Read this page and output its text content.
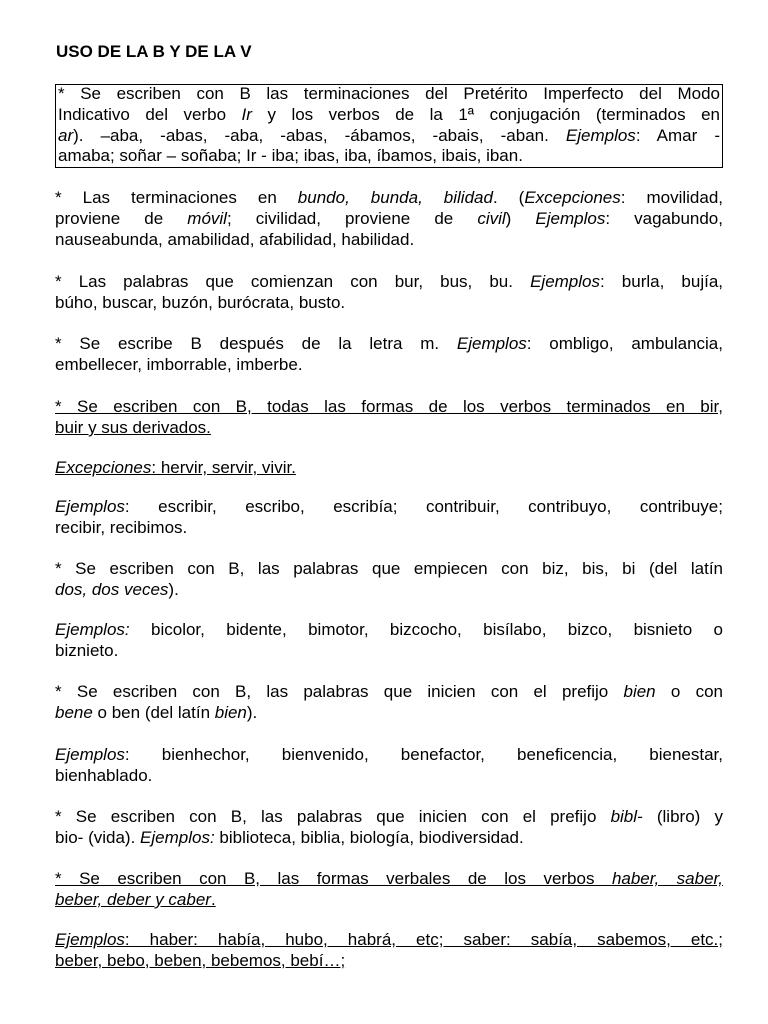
USO DE LA B Y DE LA V

* Se escriben con B las terminaciones del Pretérito Imperfecto del Modo
Indicativo del verbo Ir y los verbos de la 1ª conjugación (terminados en
ar). –aba, -abas, -aba, -abas, -ábamos, -abais, -aban. Ejemplos: Amar -
amaba; soñar – soñaba; Ir - iba; ibas, iba, íbamos, ibais, iban.

* Las terminaciones en bundo, bunda, bilidad. (Excepciones: movilidad,
proviene de móvil; civilidad, proviene de civil) Ejemplos: vagabundo,
nauseabunda, amabilidad, afabilidad, habilidad.

* Las palabras que comienzan con bur, bus, bu. Ejemplos: burla, bujía,
búho, buscar, buzón, burócrata, busto.

* Se escribe B después de la letra m. Ejemplos: ombligo, ambulancia,
embellecer, imborrable, imberbe.

* Se escriben con B, todas las formas de los verbos terminados en bir,
buir y sus derivados.

Excepciones: hervir, servir, vivir.

Ejemplos: escribir, escribo, escribía; contribuir, contribuyo, contribuye;
recibir, recibimos.

* Se escriben con B, las palabras que empiecen con biz, bis, bi (del latín
dos, dos veces).

Ejemplos: bicolor, bidente, bimotor, bizcocho, bisílabo, bizco, bisnieto o
biznieto.

* Se escriben con B, las palabras que inicien con el prefijo bien o con
bene o ben (del latín bien).

Ejemplos: bienhechor, bienvenido, benefactor, beneficencia, bienestar,
bienhablado.

* Se escriben con B, las palabras que inicien con el prefijo bibl- (libro) y
bio- (vida). Ejemplos: biblioteca, biblia, biología, biodiversidad.

* Se escriben con B, las formas verbales de los verbos haber, saber,
beber, deber y caber.

Ejemplos: haber: había, hubo, habrá, etc; saber: sabía, sabemos, etc.;
beber, bebo, beben, bebemos, bebí…;
